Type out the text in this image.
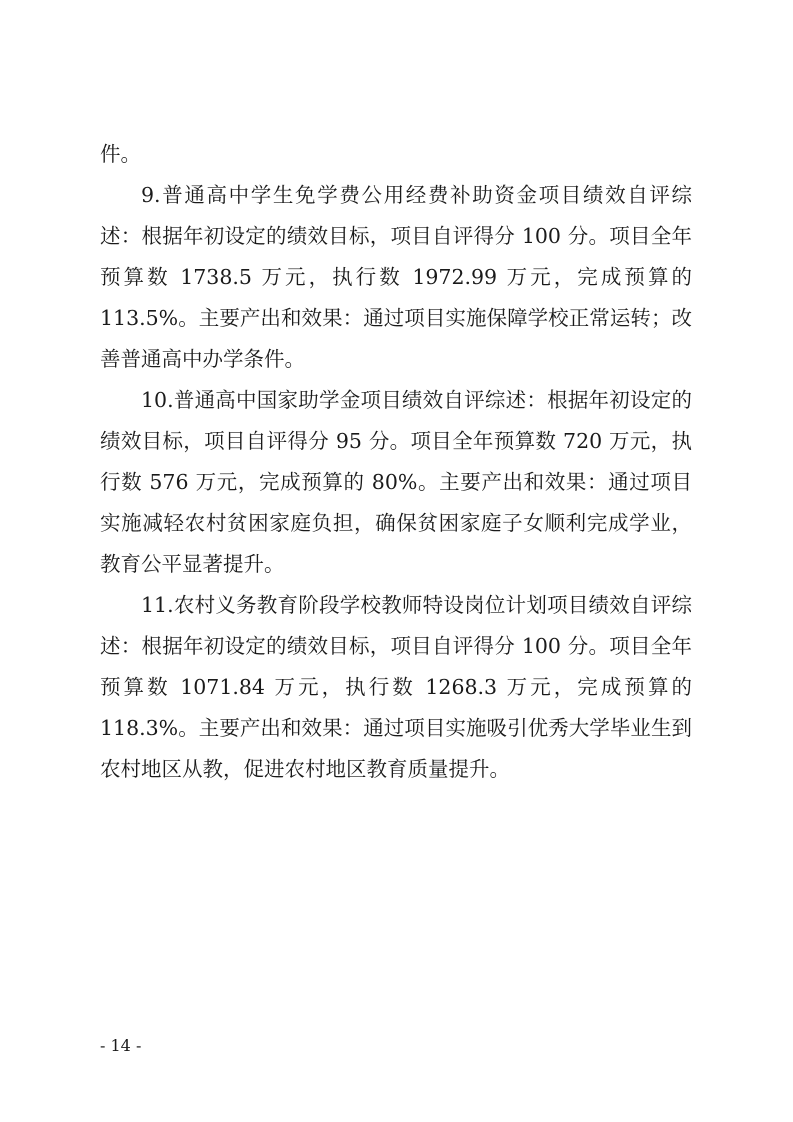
件。

9.普通高中学生免学费公用经费补助资金项目绩效自评综述：根据年初设定的绩效目标，项目自评得分 100 分。项目全年预算数 1738.5 万元，执行数 1972.99 万元，完成预算的 113.5%。主要产出和效果：通过项目实施保障学校正常运转；改善普通高中办学条件。

10.普通高中国家助学金项目绩效自评综述：根据年初设定的绩效目标，项目自评得分 95 分。项目全年预算数 720 万元，执行数 576 万元，完成预算的 80%。主要产出和效果：通过项目实施减轻农村贫困家庭负担，确保贫困家庭子女顺利完成学业，教育公平显著提升。

11.农村义务教育阶段学校教师特设岗位计划项目绩效自评综述：根据年初设定的绩效目标，项目自评得分 100 分。项目全年预算数 1071.84 万元，执行数 1268.3 万元，完成预算的 118.3%。主要产出和效果：通过项目实施吸引优秀大学毕业生到农村地区从教，促进农村地区教育质量提升。

- 14 -
